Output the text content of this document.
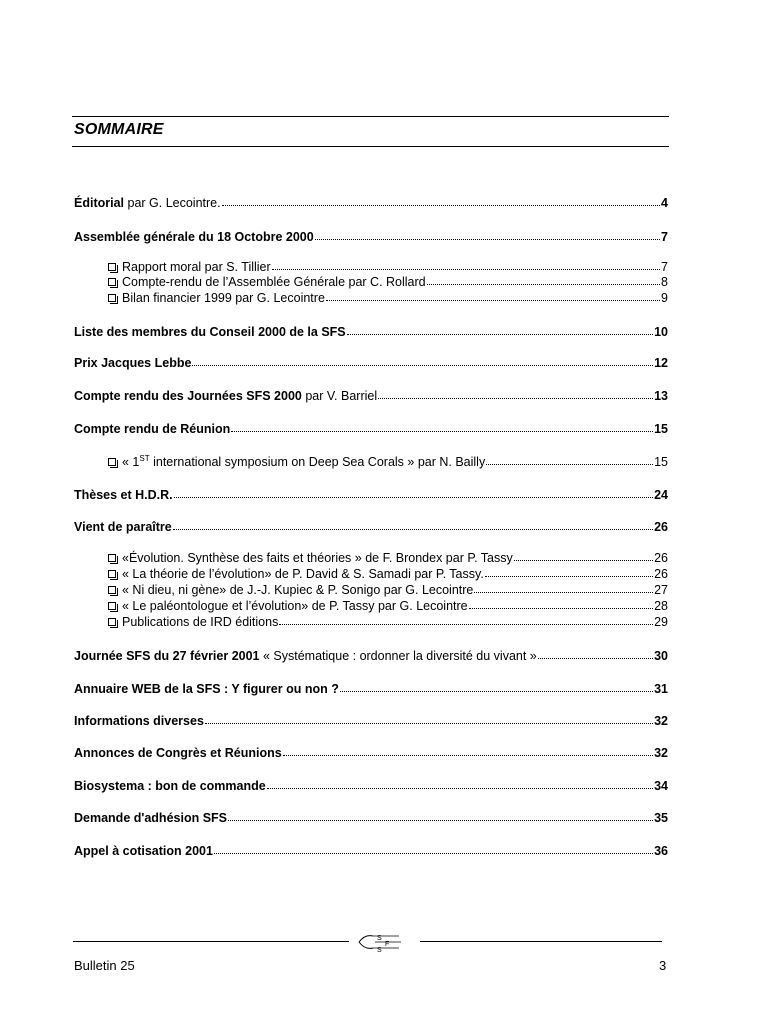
SOMMAIRE
Éditorial par G. Lecointre.	4
Assemblée générale du 18 Octobre 2000	7
Rapport moral par S. Tillier	7
Compte-rendu de l’Assemblée Générale par C. Rollard	8
Bilan financier 1999 par G. Lecointre	9
Liste des membres du Conseil 2000 de la SFS	10
Prix Jacques Lebbe	12
Compte rendu des Journées SFS 2000 par V. Barriel	13
Compte rendu de Réunion	15
« 1ST international symposium on Deep Sea Corals » par N. Bailly	15
Thèses et H.D.R.	24
Vient de paraître	26
«Évolution. Synthèse des faits et théories » de F. Brondex par P. Tassy	26
« La théorie de l’évolution» de P. David & S. Samadi par P. Tassy.	26
« Ni dieu, ni gène» de J.-J. Kupiec & P. Sonigo par G. Lecointre	27
« Le paléontologue et l’évolution» de P. Tassy par G. Lecointre	28
Publications de IRD éditions	29
Journée SFS du 27 février 2001 « Systématique : ordonner la diversité du vivant »	30
Annuaire WEB de la SFS : Y figurer ou non ?	31
Informations diverses	32
Annonces de Congrès et Réunions	32
Biosystema : bon de commande	34
Demande d'adhésion SFS	35
Appel à cotisation 2001	36
S
F
S
Bulletin 25	3
